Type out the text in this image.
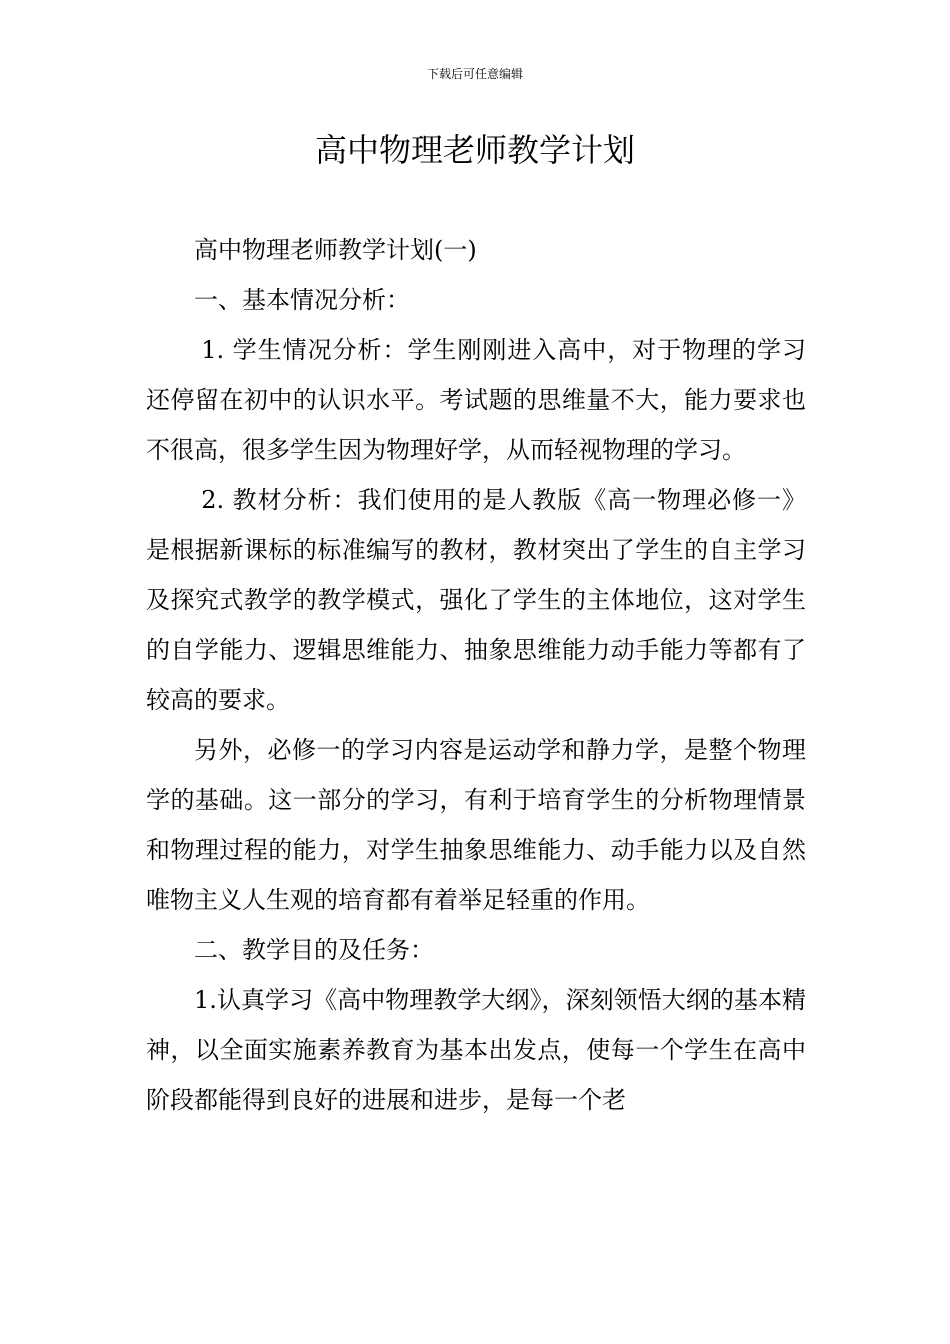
下载后可任意编辑
高中物理老师教学计划

高中物理老师教学计划(一)

一、基本情况分析：

1. 学生情况分析：学生刚刚进入高中，对于物理的学习还停留在初中的认识水平。考试题的思维量不大，能力要求也不很高，很多学生因为物理好学，从而轻视物理的学习。

2. 教材分析：我们使用的是人教版《高一物理必修一》是根据新课标的标准编写的教材，教材突出了学生的自主学习及探究式教学的教学模式，强化了学生的主体地位，这对学生的自学能力、逻辑思维能力、抽象思维能力动手能力等都有了较高的要求。

另外，必修一的学习内容是运动学和静力学，是整个物理学的基础。这一部分的学习，有利于培育学生的分析物理情景和物理过程的能力，对学生抽象思维能力、动手能力以及自然唯物主义人生观的培育都有着举足轻重的作用。

二、教学目的及任务：

1.认真学习《高中物理教学大纲》，深刻领悟大纲的基本精神，以全面实施素养教育为基本出发点，使每一个学生在高中阶段都能得到良好的进展和进步，是每一个老
